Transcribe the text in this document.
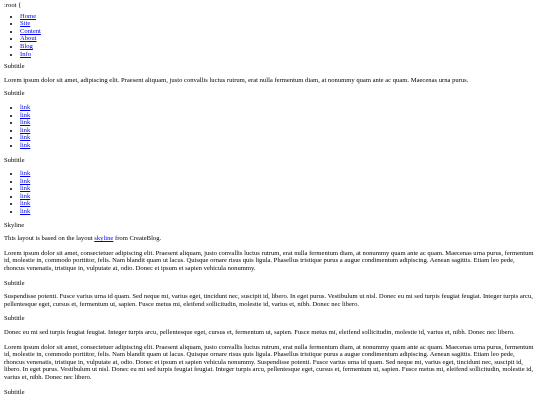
:root {
• Home
• Site
• Content
• About
• Blog
• Info
Subtitle

Lorem ipsum dolor sit amet, adipiscing elit. Praesent aliquam, justo convallis luctus rutrum, erat nulla fermentum diam, at nonummy quam ante ac quam. Maecenas urna purus.

Subtitle
• link
• link
• link
• link
• link
• link
Subtitle
• link
• link
• link
• link
• link
• link
Skyline

This layout is based on the layout skyline from CreateBlog.

Lorem ipsum dolor sit amet, consectetuer adipiscing elit. Praesent aliquam, justo convallis luctus rutrum, erat nulla fermentum diam, at nonummy quam ante ac quam. Maecenas urna purus, fermentum id, molestie in, commodo porttitor, felis. Nam blandit quam ut lacus. Quisque ornare risus quis ligula. Phasellus tristique purus a augue condimentum adipiscing. Aenean sagittis. Etiam leo pede, rhoncus venenatis, tristique in, vulputate at, odio. Donec et ipsum et sapien vehicula nonummy.

Subtitle

Suspendisse potenti. Fusce varius urna id quam. Sed neque mi, varius eget, tincidunt nec, suscipit id, libero. In eget purus. Vestibulum ut nisl. Donec eu mi sed turpis feugiat feugiat. Integer turpis arcu, pellentesque eget, cursus et, fermentum ut, sapien. Fusce metus mi, eleifend sollicitudin, molestie id, varius et, nibh. Donec nec libero.

Subtitle

Donec eu mi sed turpis feugiat feugiat. Integer turpis arcu, pellentesque eget, cursus et, fermentum ut, sapien. Fusce metus mi, eleifend sollicitudin, molestie id, varius et, nibh. Donec nec libero.

Lorem ipsum dolor sit amet, consectetuer adipiscing elit. Praesent aliquam, justo convallis luctus rutrum, erat nulla fermentum diam, at nonummy quam ante ac quam. Maecenas urna purus, fermentum id, molestie in, commodo porttitor, felis. Nam blandit quam ut lacus. Quisque ornare risus quis ligula. Phasellus tristique purus a augue condimentum adipiscing. Aenean sagittis. Etiam leo pede, rhoncus venenatis, tristique in, vulputate at, odio. Donec et ipsum et sapien vehicula nonummy. Suspendisse potenti. Fusce varius urna id quam. Sed neque mi, varius eget, tincidunt nec, suscipit id, libero. In eget purus. Vestibulum ut nisl. Donec eu mi sed turpis feugiat feugiat. Integer turpis arcu, pellentesque eget, cursus et, fermentum ut, sapien. Fusce metus mi, eleifend sollicitudin, molestie id, varius et, nibh. Donec nec libero.

Subtitle
